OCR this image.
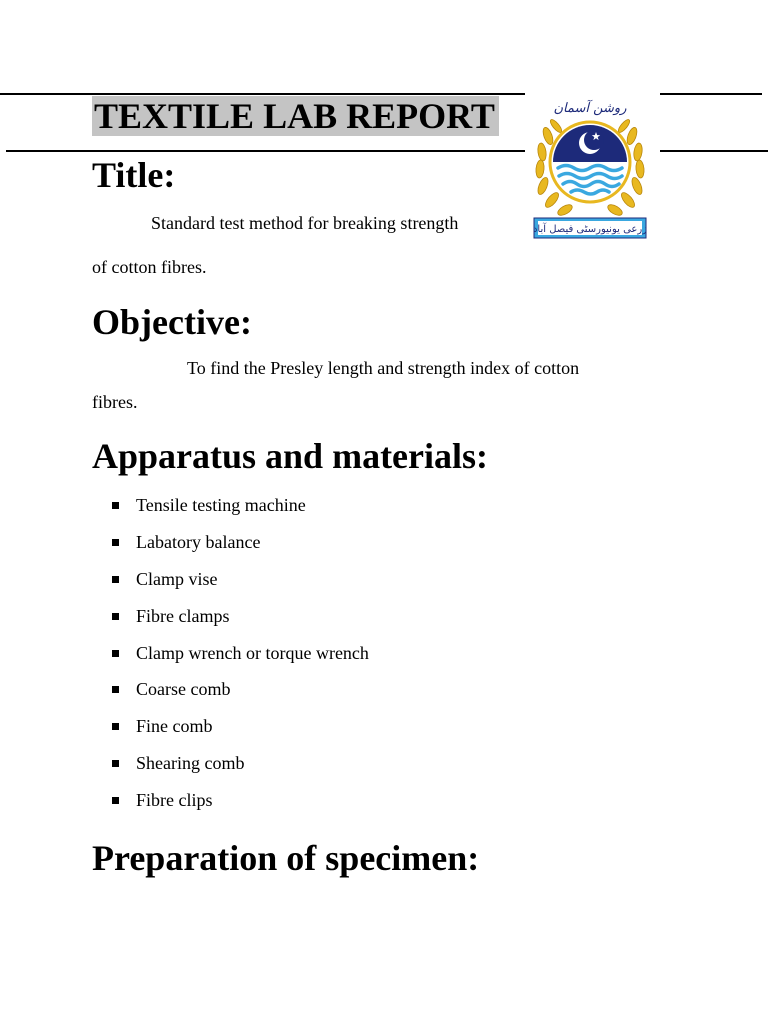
TEXTILE LAB REPORT	روشن آسمان
زرعی یونیورسٹی فیصل آباد
Title:
Standard test method for breaking strength
of cotton fibres.
Objective:
To find the Presley length and strength index of cotton
fibres.
Apparatus and materials:
Tensile testing machine
Labatory balance
Clamp vise
Fibre clamps
Clamp wrench or torque wrench
Coarse comb
Fine comb
Shearing comb
Fibre clips
Preparation of specimen:
